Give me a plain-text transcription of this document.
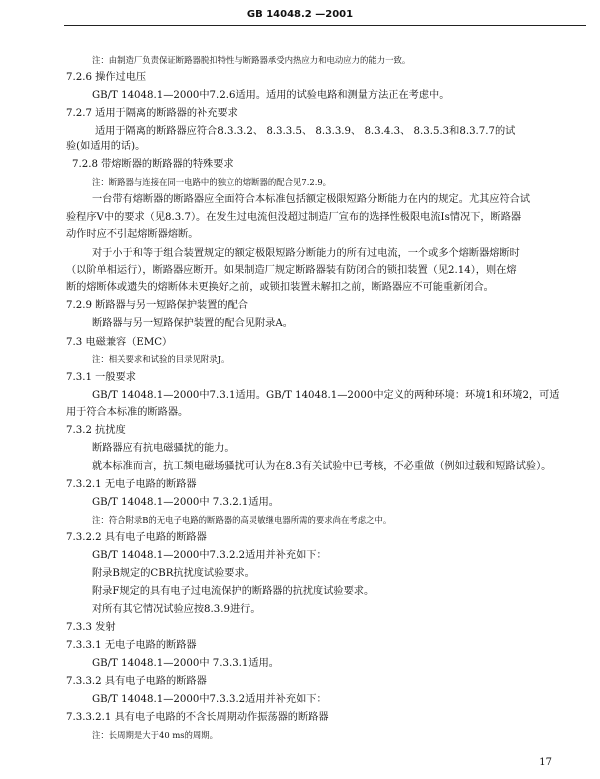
GB 14048.2 —2001
注：由制造厂负责保证断路器脱扣特性与断路器承受内热应力和电动应力的能力一致。
7.2.6 操作过电压
GB/T 14048.1—2000中7.2.6适用。适用的试验电路和测量方法正在考虑中。
7.2.7 适用于隔离的断路器的补充要求
适用于隔离的断路器应符合8.3.3.2、 8.3.3.5、 8.3.3.9、 8.3.4.3、 8.3.5.3和8.3.7.7的试
验(如适用的话)。
7.2.8 带熔断器的断路器的特殊要求
注：断路器与连接在同一电路中的独立的熔断器的配合见7.2.9。
一台带有熔断器的断路器应全面符合本标准包括额定极限短路分断能力在内的规定。尤其应符合试
验程序V中的要求（见8.3.7）。在发生过电流但没超过制造厂宣布的选择性极限电流Is情况下，断路器
动作时应不引起熔断器熔断。
对于小于和等于组合装置规定的额定极限短路分断能力的所有过电流，一个或多个熔断器熔断时
（以阶单相运行），断路器应断开。如果制造厂规定断路器装有防闭合的锁扣装置（见2.14），则在熔
断的熔断体或遗失的熔断体未更换好之前，或锁扣装置未解扣之前，断路器应不可能重新闭合。
7.2.9 断路器与另一短路保护装置的配合
断路器与另一短路保护装置的配合见附录A。
7.3 电磁兼容（EMC）
注：相关要求和试验的目录见附录J。
7.3.1 一般要求
GB/T 14048.1—2000中7.3.1适用。GB/T 14048.1—2000中定义的两种环境：环境1和环境2，可适
用于符合本标准的断路器。
7.3.2 抗扰度
断路器应有抗电磁骚扰的能力。
就本标准而言，抗工频电磁场骚扰可认为在8.3有关试验中已考核，不必重做（例如过载和短路试验）。
7.3.2.1 无电子电路的断路器
GB/T 14048.1—2000中 7.3.2.1适用。
注：符合附录B的无电子电路的断路器的高灵敏继电器所需的要求尚在考虑之中。
7.3.2.2 具有电子电路的断路器
GB/T 14048.1—2000中7.3.2.2适用并补充如下：
附录B规定的CBR抗扰度试验要求。
附录F规定的具有电子过电流保护的断路器的抗扰度试验要求。
对所有其它情况试验应按8.3.9进行。
7.3.3 发射
7.3.3.1 无电子电路的断路器
GB/T 14048.1—2000中 7.3.3.1适用。
7.3.3.2 具有电子电路的断路器
GB/T 14048.1—2000中7.3.3.2适用并补充如下：
7.3.3.2.1 具有电子电路的不含长周期动作振荡器的断路器
注：长周期是大于40 ms的周期。
17
